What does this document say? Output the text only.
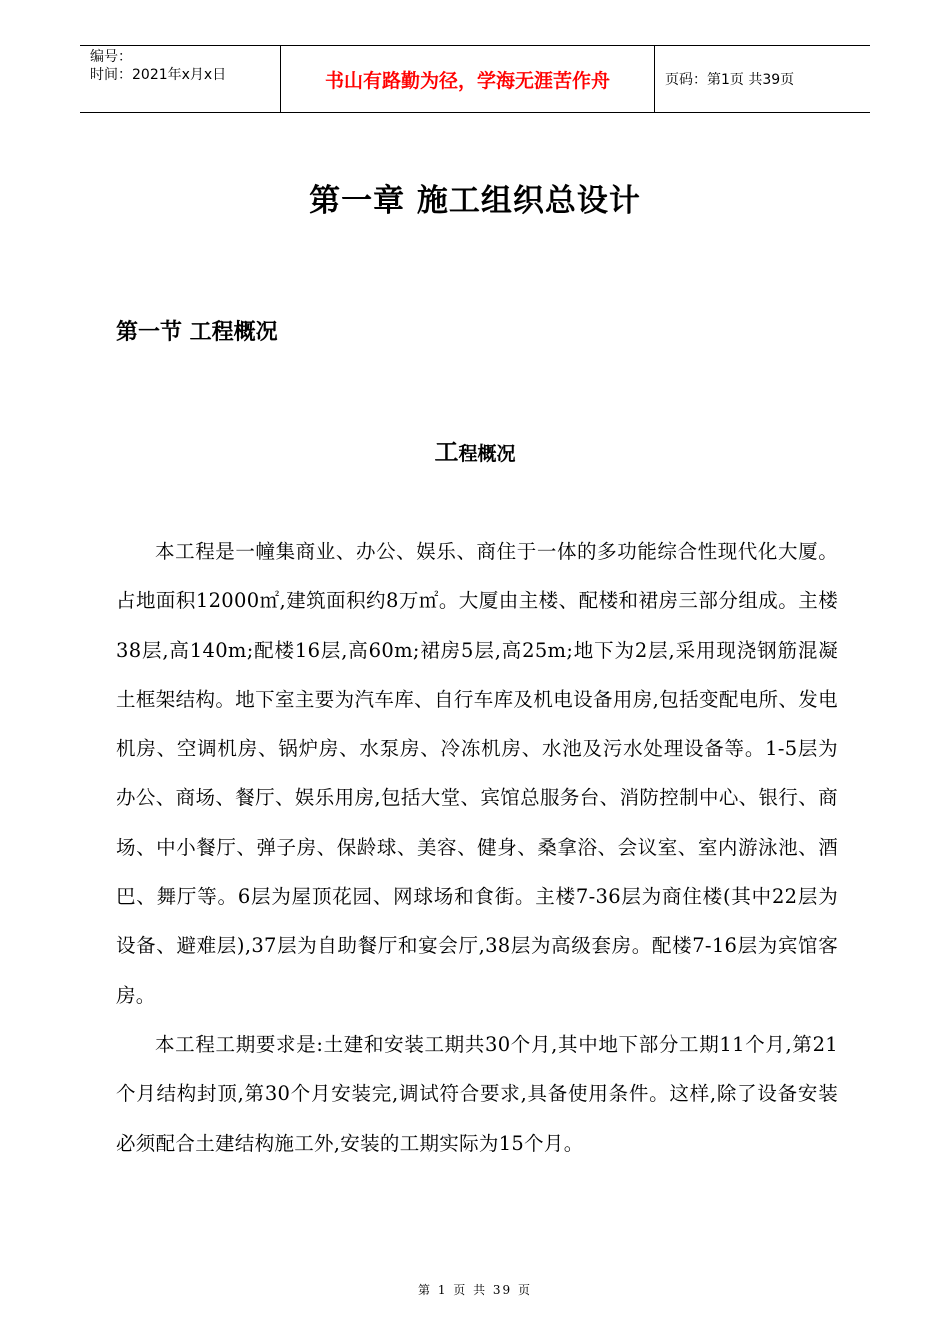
编号：
时间：2021年x月x日	书山有路勤为径，学海无涯苦作舟	页码：第1页 共39页
第一章 施工组织总设计
第一节 工程概况
工程概况

本工程是一幢集商业、办公、娱乐、商住于一体的多功能综合性现代化大厦。占地面积12000㎡,建筑面积约8万㎡。大厦由主楼、配楼和裙房三部分组成。主楼38层,高140m;配楼16层,高60m;裙房5层,高25m;地下为2层,采用现浇钢筋混凝土框架结构。地下室主要为汽车库、自行车库及机电设备用房,包括变配电所、发电机房、空调机房、锅炉房、水泵房、冷冻机房、水池及污水处理设备等。1-5层为办公、商场、餐厅、娱乐用房,包括大堂、宾馆总服务台、消防控制中心、银行、商场、中小餐厅、弹子房、保龄球、美容、健身、桑拿浴、会议室、室内游泳池、酒巴、舞厅等。6层为屋顶花园、网球场和食街。主楼7-36层为商住楼(其中22层为设备、避难层),37层为自助餐厅和宴会厅,38层为高级套房。配楼7-16层为宾馆客房。

本工程工期要求是:土建和安装工期共30个月,其中地下部分工期11个月,第21个月结构封顶,第30个月安装完,调试符合要求,具备使用条件。这样,除了设备安装必须配合土建结构施工外,安装的工期实际为15个月。

第 1 页 共 39 页
